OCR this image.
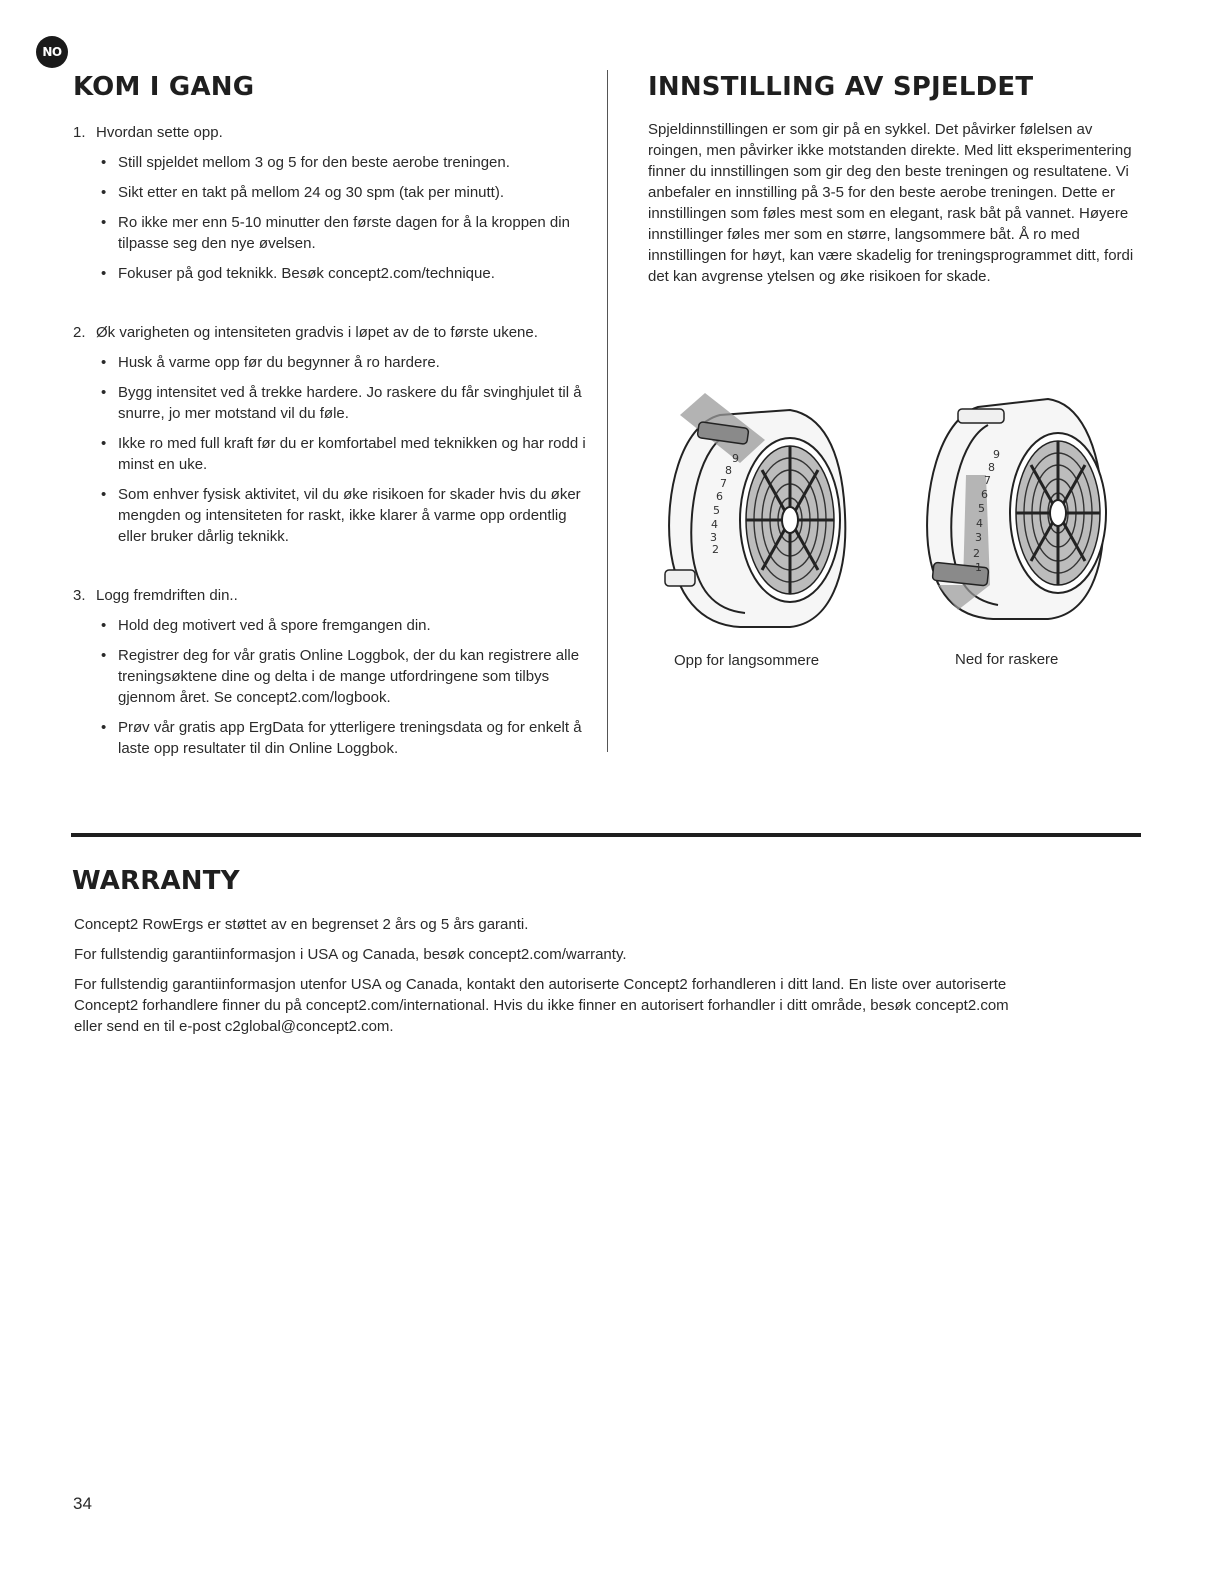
NO
KOM I GANG
1. Hvordan sette opp.
• Still spjeldet mellom 3 og 5 for den beste aerobe treningen.
• Sikt etter en takt på mellom 24 og 30 spm (tak per minutt).
• Ro ikke mer enn 5-10 minutter den første dagen for å la kroppen din tilpasse seg den nye øvelsen.
• Fokuser på god teknikk. Besøk concept2.com/technique.
2. Øk varigheten og intensiteten gradvis i løpet av de to første ukene.
• Husk å varme opp før du begynner å ro hardere.
• Bygg intensitet ved å trekke hardere. Jo raskere du får svinghjulet til å snurre, jo mer motstand vil du føle.
• Ikke ro med full kraft før du er komfortabel med teknikken og har rodd i minst en uke.
• Som enhver fysisk aktivitet, vil du øke risikoen for skader hvis du øker mengden og intensiteten for raskt, ikke klarer å varme opp ordentlig eller bruker dårlig teknikk.
3. Logg fremdriften din..
• Hold deg motivert ved å spore fremgangen din.
• Registrer deg for vår gratis Online Loggbok, der du kan registrere alle treningsøktene dine og delta i de mange utfordringene som tilbys gjennom året. Se concept2.com/logbook.
• Prøv vår gratis app ErgData for ytterligere treningsdata og for enkelt å laste opp resultater til din Online Loggbok.
INNSTILLING AV SPJELDET
Spjeldinnstillingen er som gir på en sykkel. Det påvirker følelsen av roingen, men påvirker ikke motstanden direkte. Med litt eksperimentering finner du innstillingen som gir deg den beste treningen og resultatene. Vi anbefaler en innstilling på 3-5 for den beste aerobe treningen. Dette er innstillingen som føles mest som en elegant, rask båt på vannet. Høyere innstillinger føles mer som en større, langsommere båt. Å ro med innstillingen for høyt, kan være skadelig for treningsprogrammet ditt, fordi det kan avgrense ytelsen og øke risikoen for skade.
2
3
4
5
6
7
8
9
Opp for langsommere
1
2
3
4
5
6
7
8
9
Ned for raskere
WARRANTY

Concept2 RowErgs er støttet av en begrenset 2 års og 5 års garanti.

For fullstendig garantiinformasjon i USA og Canada, besøk concept2.com/warranty.

For fullstendig garantiinformasjon utenfor USA og Canada, kontakt den autoriserte Concept2 forhandleren i ditt land. En liste over autoriserte Concept2 forhandlere finner du på concept2.com/international. Hvis du ikke finner en autorisert forhandler i ditt område, besøk concept2.com eller send en til e-post c2global@concept2.com.

34
